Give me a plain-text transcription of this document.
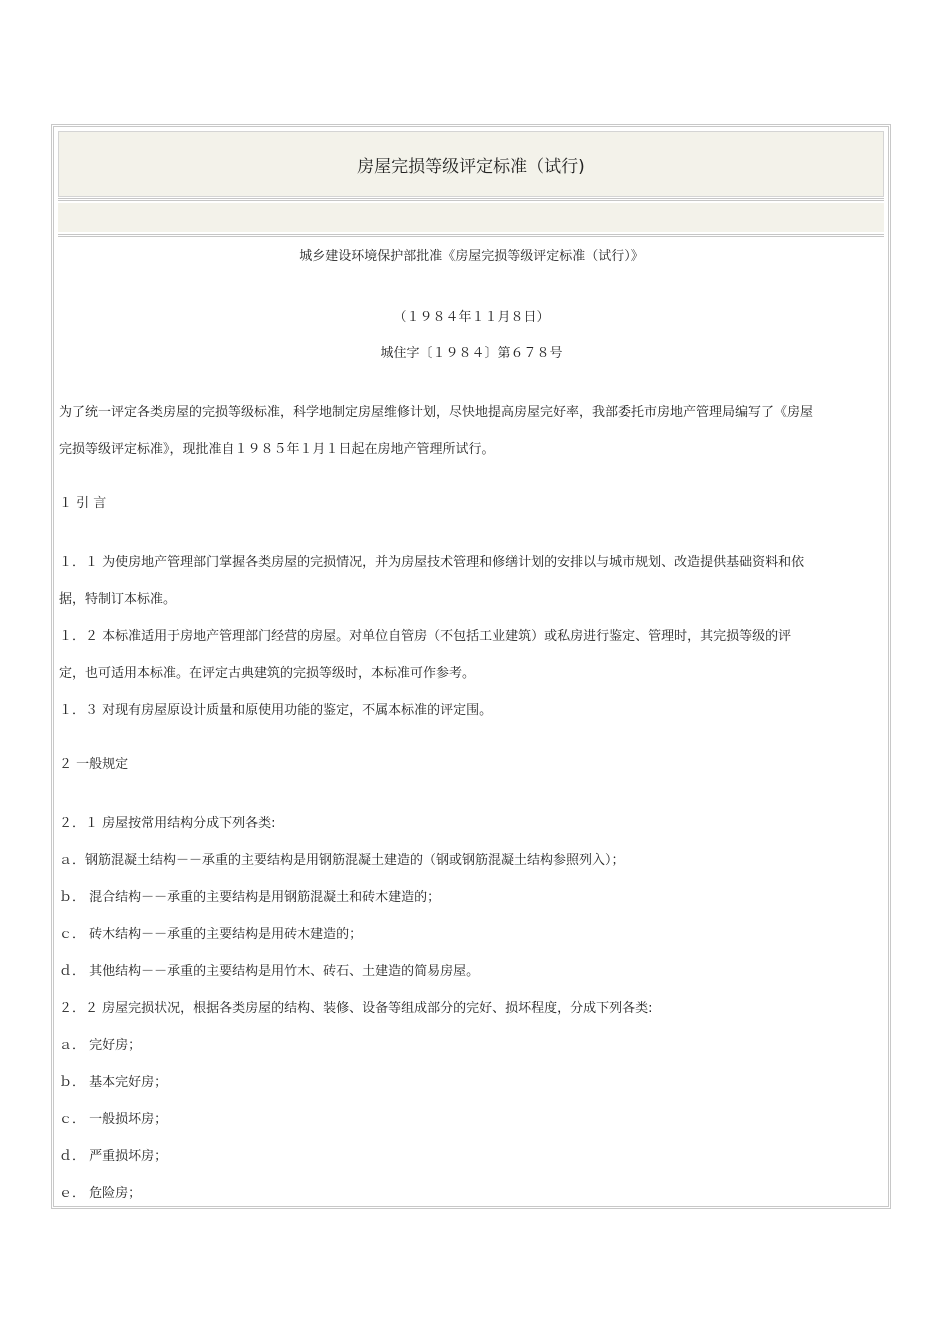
房屋完损等级评定标准（试行)
城乡建设环境保护部批准《房屋完损等级评定标准（试行）》
（１９８４年１１月８日）
城住字〔１９８４〕第６７８号
为了统一评定各类房屋的完损等级标准，科学地制定房屋维修计划，尽快地提高房屋完好率，我部委托市房地产管理局编写了《房屋
完损等级评定标准》，现批准自１９８５年１月１日起在房地产管理所试行。
１ 引 言
１．１ 为使房地产管理部门掌握各类房屋的完损情况，并为房屋技术管理和修缮计划的安排以与城市规划、改造提供基础资料和依
据，特制订本标准。
１．２ 本标准适用于房地产管理部门经营的房屋。对单位自管房（不包括工业建筑）或私房进行鉴定、管理时，其完损等级的评
定，也可适用本标准。在评定古典建筑的完损等级时，本标准可作参考。
１．３ 对现有房屋原设计质量和原使用功能的鉴定，不属本标准的评定围。
２ 一般规定
２．１ 房屋按常用结构分成下列各类:
ａ．钢筋混凝土结构－－承重的主要结构是用钢筋混凝土建造的（钢或钢筋混凝土结构参照列入）；
ｂ． 混合结构－－承重的主要结构是用钢筋混凝土和砖木建造的；
ｃ． 砖木结构－－承重的主要结构是用砖木建造的；
ｄ． 其他结构－－承重的主要结构是用竹木、砖石、土建造的简易房屋。
２．２ 房屋完损状况，根据各类房屋的结构、装修、设备等组成部分的完好、损坏程度，分成下列各类:
ａ． 完好房；
ｂ． 基本完好房；
ｃ． 一般损坏房；
ｄ． 严重损坏房；
ｅ． 危险房；
